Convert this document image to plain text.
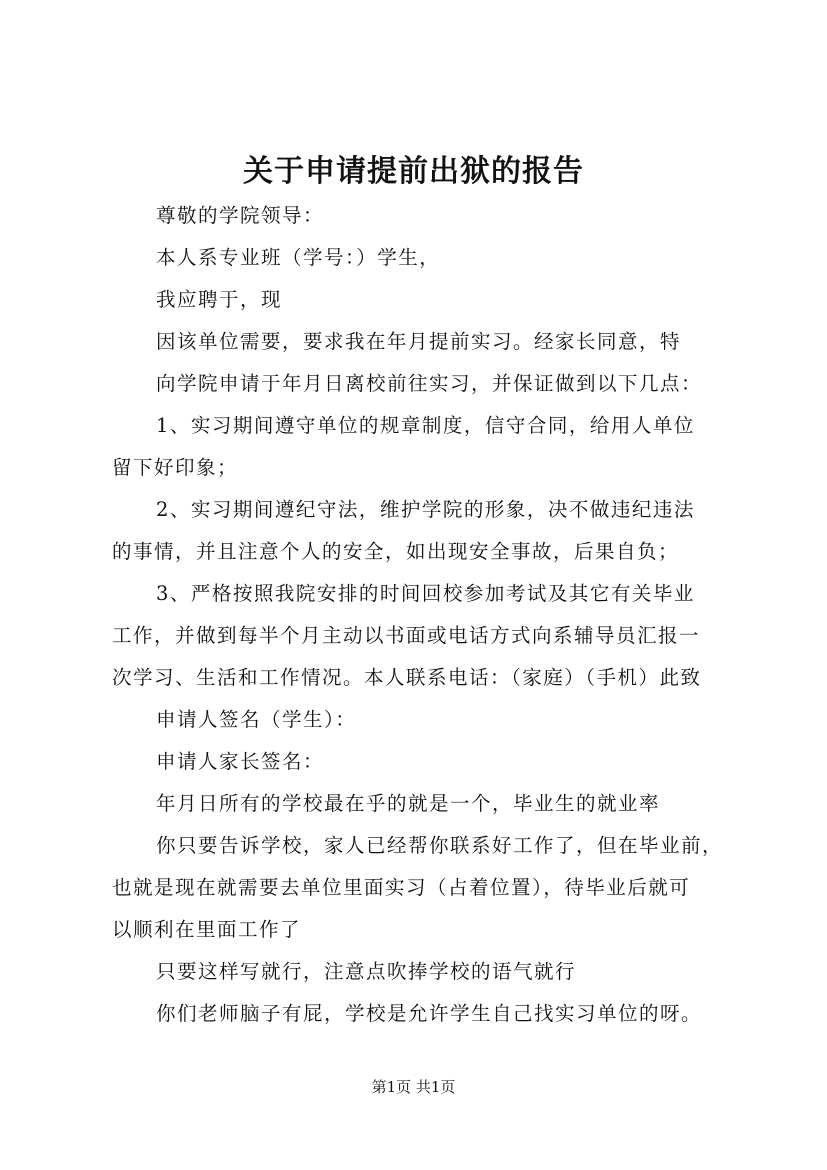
关于申请提前出狱的报告

尊敬的学院领导：

本人系专业班（学号：）学生，

我应聘于，现

因该单位需要，要求我在年月提前实习。经家长同意，特

向学院申请于年月日离校前往实习，并保证做到以下几点：

1、实习期间遵守单位的规章制度，信守合同，给用人单位

留下好印象；

2、实习期间遵纪守法，维护学院的形象，决不做违纪违法

的事情，并且注意个人的安全，如出现安全事故，后果自负；

3、严格按照我院安排的时间回校参加考试及其它有关毕业

工作，并做到每半个月主动以书面或电话方式向系辅导员汇报一

次学习、生活和工作情况。本人联系电话：（家庭）（手机）此致

申请人签名（学生）：

申请人家长签名：

年月日所有的学校最在乎的就是一个，毕业生的就业率

你只要告诉学校，家人已经帮你联系好工作了，但在毕业前，

也就是现在就需要去单位里面实习（占着位置），待毕业后就可

以顺利在里面工作了

只要这样写就行，注意点吹捧学校的语气就行

你们老师脑子有屁，学校是允许学生自己找实习单位的呀。

第1页 共1页
